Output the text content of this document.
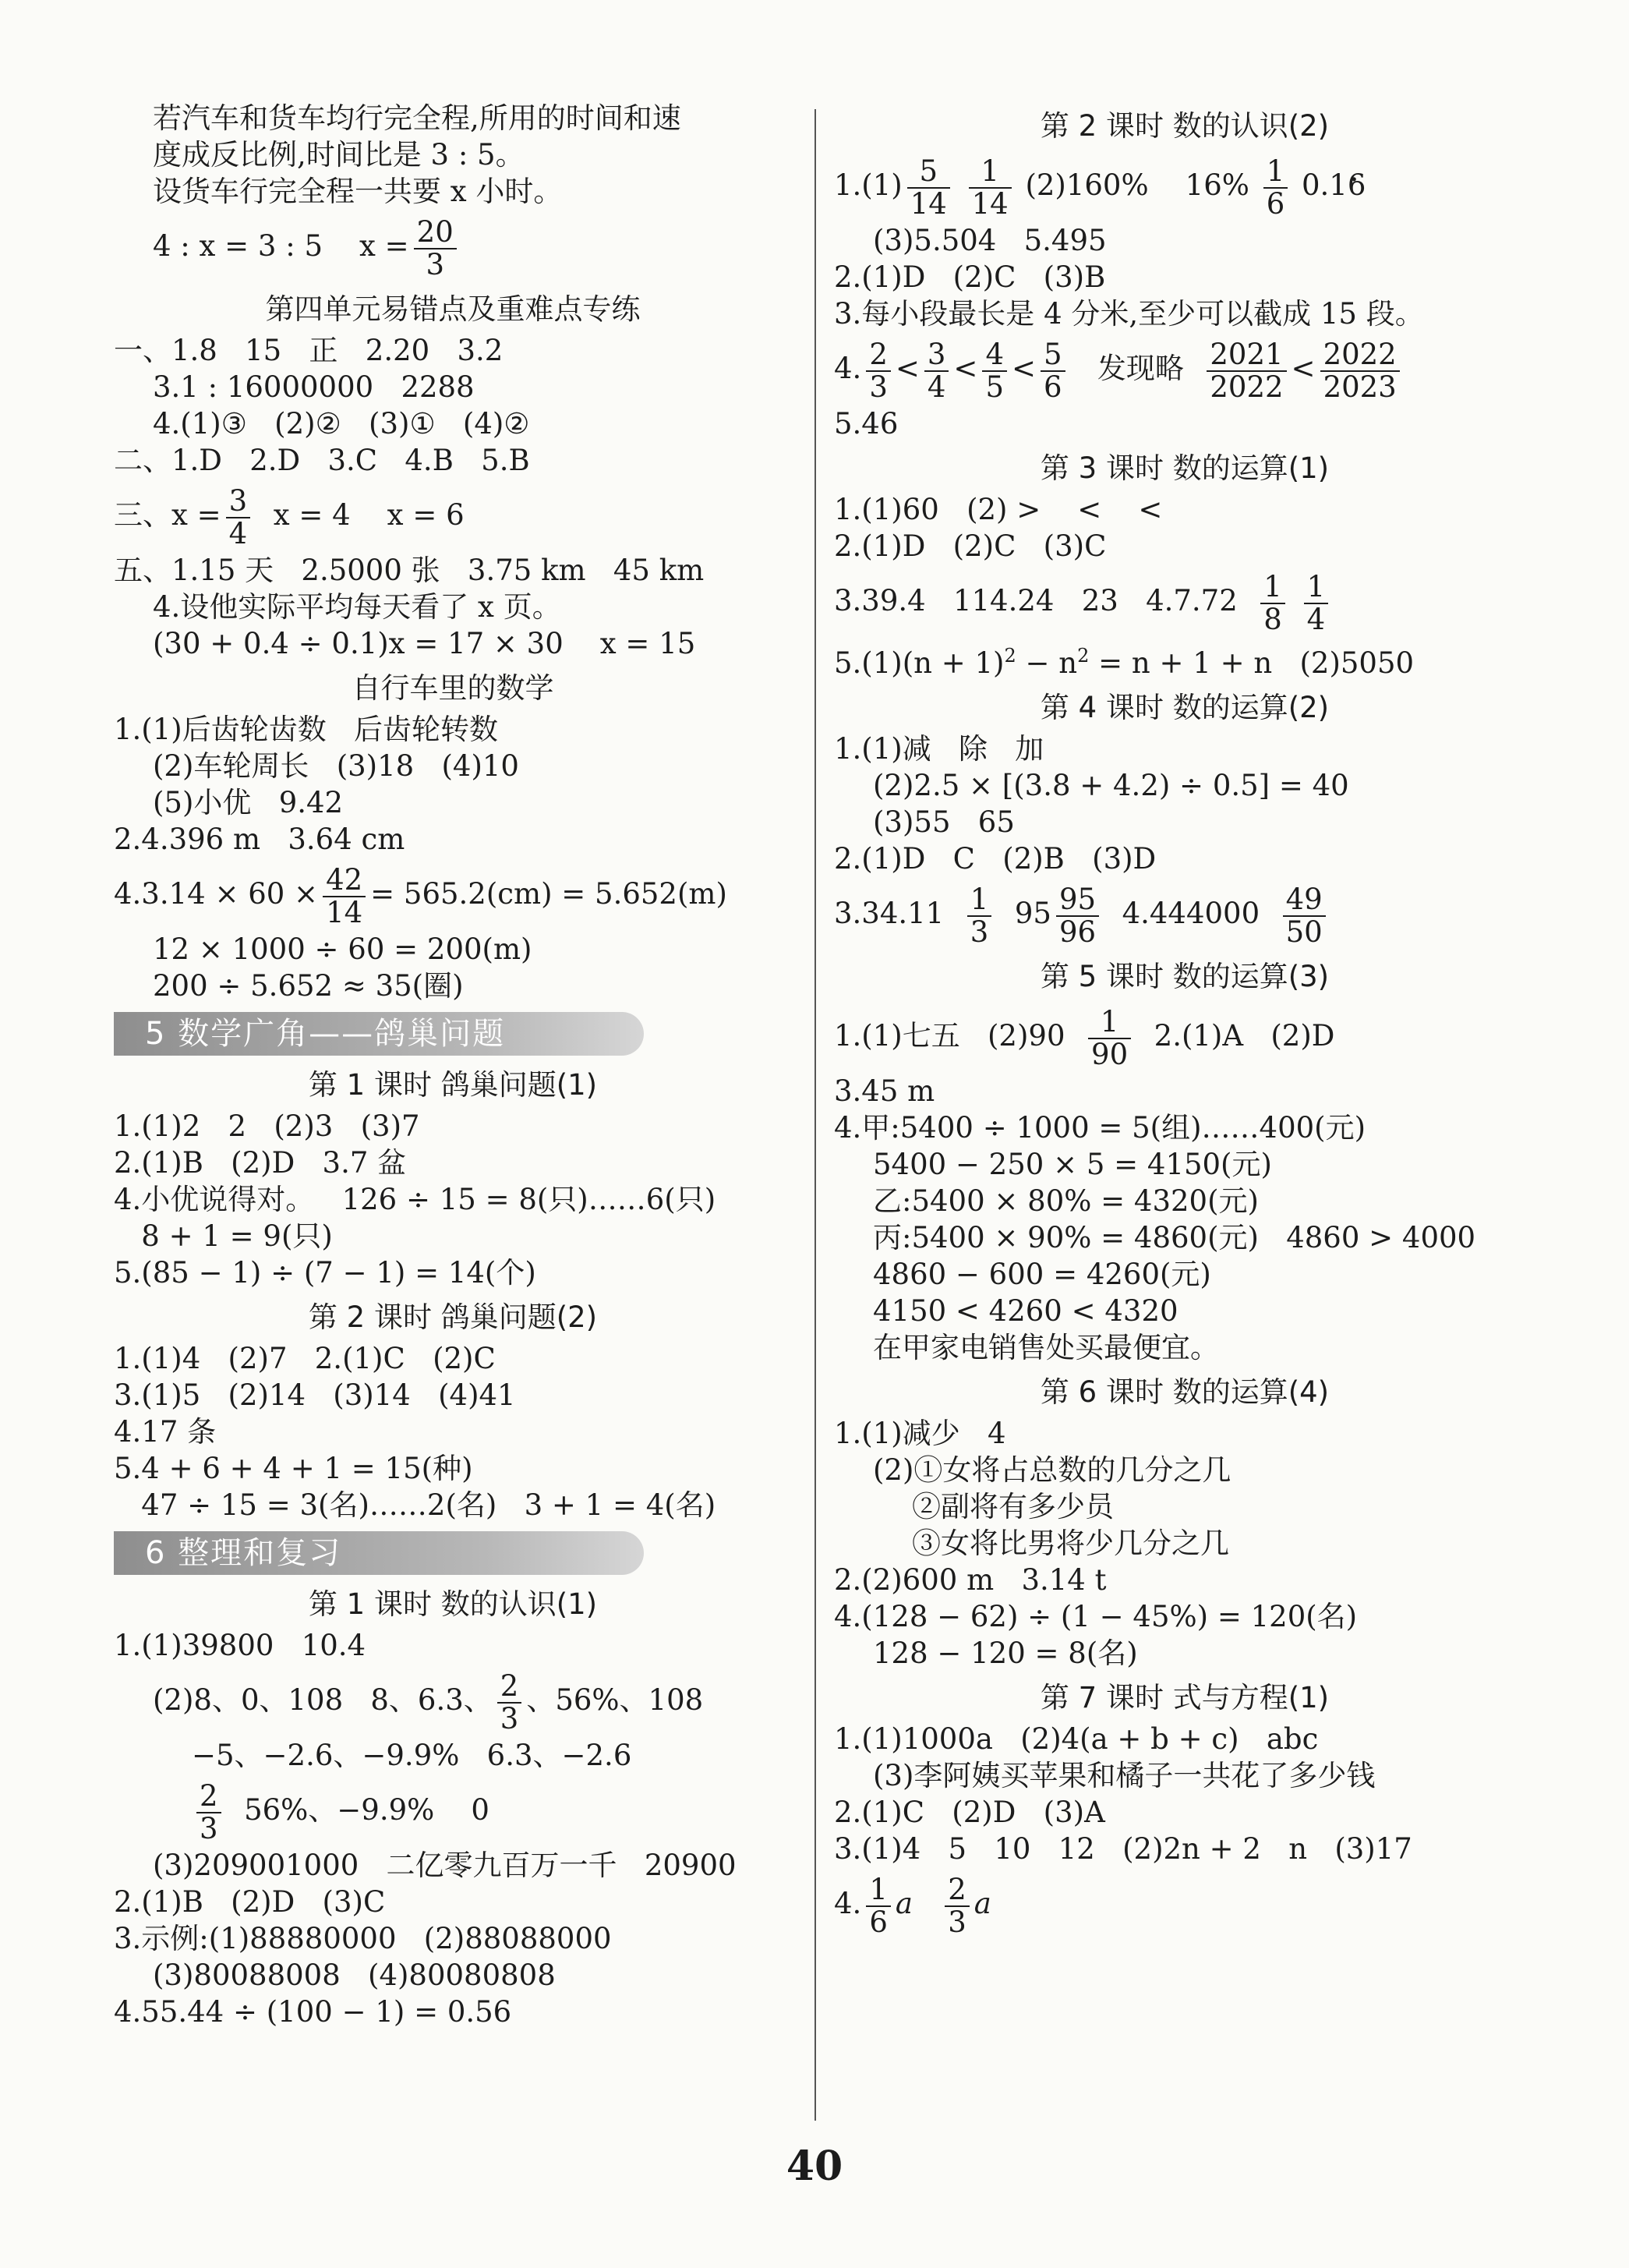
若汽车和货车均行完全程,所用的时间和速
度成反比例,时间比是 3 : 5。
设货车行完全程一共要 x 小时。
4 : x = 3 : 5    $x = \frac{20}{3}$
第四单元易错点及重难点专练
一、1.8   15   正   2.20   3.2
3.1 : 16000000   2288
4.(1)③   (2)②   (3)①   (4)②
二、1.D   2.D   3.C   4.B   5.B
三、$x = \frac{3}{4}$ x = 4    x = 6
五、1.15 天   2.5000 张   3.75 km   45 km
4.设他实际平均每天看了 x 页。
(30 + 0.4 ÷ 0.1)x = 17 × 30    x = 15
自行车里的数学
1.(1)后齿轮齿数   后齿轮转数
(2)车轮周长   (3)18   (4)10
(5)小优   9.42
2.4.396 m   3.64 cm
$4.3.14 \times 60 \times \frac{42}{14} = 565.2(cm) = 5.652(m)$
12 × 1000 ÷ 60 = 200(m)
200 ÷ 5.652 ≈ 35(圈)
5 数学广角——鸽巢问题
第 1 课时 鸽巢问题(1)
1.(1)2   2   (2)3   (3)7
2.(1)B   (2)D   3.7 盆
4.小优说得对。   126 ÷ 15 = 8(只)……6(只)
8 + 1 = 9(只)
5.(85 − 1) ÷ (7 − 1) = 14(个)
第 2 课时 鸽巢问题(2)
1.(1)4   (2)7   2.(1)C   (2)C
3.(1)5   (2)14   (3)14   (4)41
4.17 条
5.4 + 6 + 4 + 1 = 15(种)
47 ÷ 15 = 3(名)……2(名)   3 + 1 = 4(名)
6 整理和复习
第 1 课时 数的认识(1)
1.(1)39800   10.4
(2)8、0、108   8、6.3、 $\frac{2}{3}$ 、56%、108
−5、−2.6、−9.9%   6.3、−2.6
$\frac{2}{3} 56\%$、−9.9%    0
(3)209001000   二亿零九百万一千   20900
2.(1)B   (2)D   (3)C
3.示例:(1)88880000   (2)88088000
(3)80088008   (4)80080808
4.55.44 ÷ (100 − 1) = 0.56
第 2 课时 数的认识(2)
$1.(1) \frac{5}{14}$
$\frac{1}{14} (2)160\%$    $16\% \frac{1}{6} 0.16$ ·
(3)5.504   5.495
2.(1)D   (2)C   (3)B
3.每小段最长是 4 分米,至少可以截成 15 段。
4. $\frac{2}{3} < \frac{3}{4} < \frac{4}{5} < \frac{5}{6}$ 发现略 $\frac{2021}{2022} < \frac{2022}{2023}$
5.46
第 3 课时 数的运算(1)
1.(1)60   (2) >    <    <
2.(1)D   (2)C   (3)C
3.39.4   114.24   23   $4.7.72 \frac{1}{8}$
$\frac{1}{4}$
$5.(1)(n + 1)^2 - n^2 = n + 1 + n$   (2)5050
第 4 课时 数的运算(2)
1.(1)减   除   加
(2)2.5 × [(3.8 + 4.2) ÷ 0.5] = 40
(3)55   65
2.(1)D   C   (2)B   (3)D
$3.34.11 \frac{1}{3} 95 \frac{95}{96} 4.444000 \frac{49}{50}$
第 5 课时 数的运算(3)
1.(1)七五   $(2)90 \frac{1}{90} 2.(1)A$   (2)D
3.45 m
4.甲:5400 ÷ 1000 = 5(组)……400(元)
5400 − 250 × 5 = 4150(元)
乙:5400 × 80% = 4320(元)
丙:5400 × 90% = 4860(元)   4860 > 4000
4860 − 600 = 4260(元)
4150 < 4260 < 4320
在甲家电销售处买最便宜。
第 6 课时 数的运算(4)
1.(1)减少   4
(2)①女将占总数的几分之几
②副将有多少员
③女将比男将少几分之几
2.(2)600 m   3.14 t
4.(128 − 62) ÷ (1 − 45%) = 120(名)
128 − 120 = 8(名)
第 7 课时 式与方程(1)
1.(1)1000a   (2)4(a + b + c)   abc
(3)李阿姨买苹果和橘子一共花了多少钱
2.(1)C   (2)D   (3)A
3.(1)4   5   10   12   (2)2n + 2   n   (3)17
4. $\frac{1}{6}$ a $\frac{2}{3}$ a
40
